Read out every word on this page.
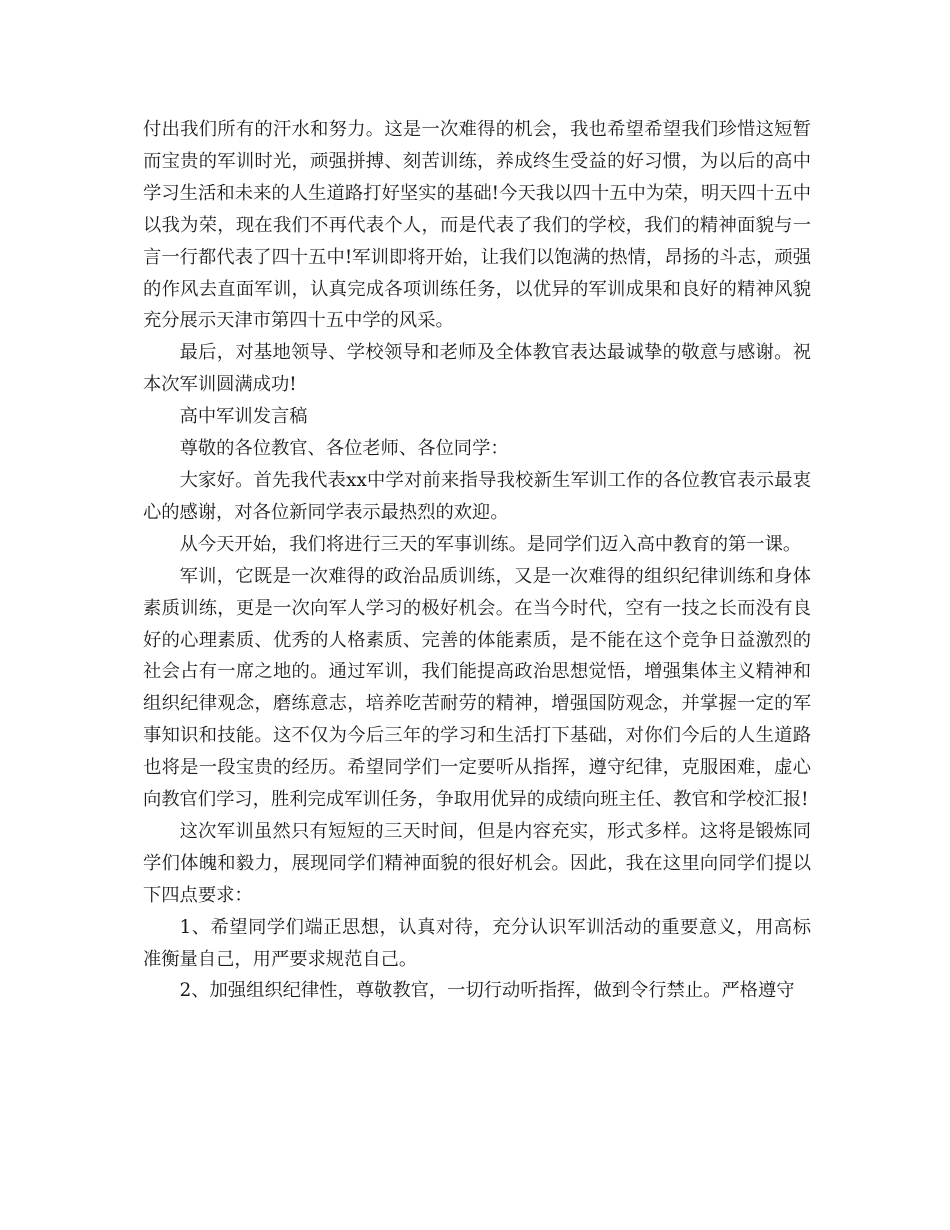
付出我们所有的汗水和努力。这是一次难得的机会，我也希望希望我们珍惜这短暂而宝贵的军训时光，顽强拼搏、刻苦训练，养成终生受益的好习惯，为以后的高中学习生活和未来的人生道路打好坚实的基础!今天我以四十五中为荣，明天四十五中以我为荣，现在我们不再代表个人，而是代表了我们的学校，我们的精神面貌与一言一行都代表了四十五中!军训即将开始，让我们以饱满的热情，昂扬的斗志，顽强的作风去直面军训，认真完成各项训练任务，以优异的军训成果和良好的精神风貌充分展示天津市第四十五中学的风采。

最后，对基地领导、学校领导和老师及全体教官表达最诚挚的敬意与感谢。祝本次军训圆满成功!

高中军训发言稿

尊敬的各位教官、各位老师、各位同学：

大家好。首先我代表xx中学对前来指导我校新生军训工作的各位教官表示最衷心的感谢，对各位新同学表示最热烈的欢迎。

从今天开始，我们将进行三天的军事训练。是同学们迈入高中教育的第一课。

军训，它既是一次难得的政治品质训练，又是一次难得的组织纪律训练和身体素质训练，更是一次向军人学习的极好机会。在当今时代，空有一技之长而没有良好的心理素质、优秀的人格素质、完善的体能素质，是不能在这个竞争日益激烈的社会占有一席之地的。通过军训，我们能提高政治思想觉悟，增强集体主义精神和组织纪律观念，磨练意志，培养吃苦耐劳的精神，增强国防观念，并掌握一定的军事知识和技能。这不仅为今后三年的学习和生活打下基础，对你们今后的人生道路也将是一段宝贵的经历。希望同学们一定要听从指挥，遵守纪律，克服困难，虚心向教官们学习，胜利完成军训任务，争取用优异的成绩向班主任、教官和学校汇报!

这次军训虽然只有短短的三天时间，但是内容充实，形式多样。这将是锻炼同学们体魄和毅力，展现同学们精神面貌的很好机会。因此，我在这里向同学们提以下四点要求：

1、希望同学们端正思想，认真对待，充分认识军训活动的重要意义，用高标准衡量自己，用严要求规范自己。

2、加强组织纪律性，尊敬教官，一切行动听指挥，做到令行禁止。严格遵守
